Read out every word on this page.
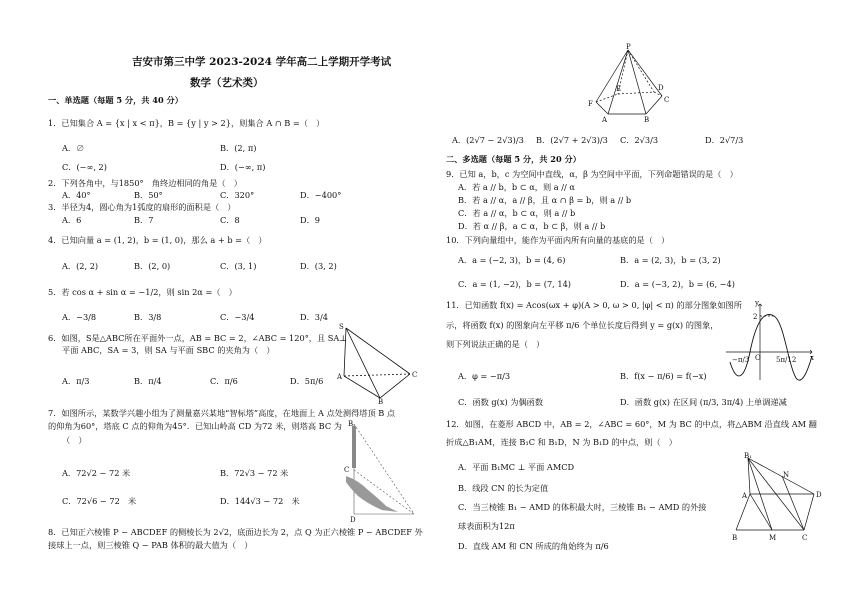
吉安市第三中学 2023-2024 学年高二上学期开学考试
数学（艺术类）
一、单选题（每题 5 分，共 40 分）
1．已知集合 A = {x | x < π}，B = {y | y > 2}，则集合 A ∩ B =（　）
A．∅	B．(2, π)
C．(−∞, 2)	D．(−∞, π)
2．下列各角中，与1850°　角终边相同的角是（　）
A．40°	B．50°	C．320°	D．−400°
3．半径为4，圆心角为1弧度的扇形的面积是（　）
A．6	B．7	C．8	D．9
4．已知向量 a = (1, 2)，b = (1, 0)，那么 a + b =（　）
A．(2, 2)	B．(2, 0)	C．(3, 1)	D．(3, 2)
5．若 cos α + sin α = −1/2，则 sin 2α =（　）
A．−3/8	B．3/8	C．−3/4	D．3/4
6．如图，S是△ABC所在平面外一点，AB = BC = 2，∠ABC = 120°，且 SA⊥
平面 ABC，SA = 3，则 SA 与平面 SBC 的夹角为（　）
A．π/3	B．π/4	C．π/6	D．5π/6
S
A
B
C
7．如图所示，某数学兴趣小组为了测量嘉兴某地“智标塔”高度，在地面上 A 点处测得塔顶 B 点
的仰角为60°，塔底 C 点的仰角为45°．已知山岭高 CD 为72 米，则塔高 BC 为
（　）
A．72√2 − 72 米	B．72√3 − 72 米
C．72√6 − 72　米	D．144√3 − 72　米
B
C
D
8．已知正六棱锥 P − ABCDEF 的侧棱长为 2√2，底面边长为 2，点 Q 为正六棱锥 P − ABCDEF 外
接球上一点，则三棱锥 Q − PAB 体积的最大值为（　）
P
F
A	B
C
D
E
A．(2√7 − 2√3)/3 B．(2√7 + 2√3)/3 C．2√3/3	D．2√7/3
二、多选题（每题 5 分，共 20 分）
9．已知 a，b，c 为空间中直线，α，β 为空间中平面，下列命题错误的是（　）
A．若 a // b，b ⊂ α，则 a // α
B．若 a // α，a // β，且 α ∩ β = b，则 a // b
C．若 a // α，b ⊂ α，则 a // b
D．若 α // β，a ⊂ α，b ⊂ β，则 a // b
10．下列向量组中，能作为平面内所有向量的基底的是（　）
A．a = (−2, 3)，b = (4, 6)	B．a = (2, 3)，b = (3, 2)
C．a = (1, −2)，b = (7, 14)	D．a = (−3, 2)，b = (6, −4)
11．已知函数 f(x) = Acos(ωx + φ)(A > 0, ω > 0, |φ| < π) 的部分图象如图所
示，将函数 f(x) 的图象向左平移 π/6 个单位长度后得到 y = g(x) 的图象，
则下列说法正确的是（　）
A．φ = −π/3	B．f(x − π/6) = f(−x)
C．函数 g(x) 为偶函数	D．函数 g(x) 在区间 (π/3, 3π/4) 上单调递减
y
x
2
O
−π/3	5π/12
12．如图，在菱形 ABCD 中，AB = 2，∠ABC = 60°，M 为 BC 的中点，将△ABM 沿直线 AM 翻
折成△B₁AM，连接 B₁C 和 B₁D，N 为 B₁D 的中点，则（　）
A．平面 B₁MC ⊥ 平面 AMCD
B．线段 CN 的长为定值
C．当三棱锥 B₁ − AMD 的体积最大时，三棱锥 B₁ − AMD 的外接
球表面积为12π
D．直线 AM 和 CN 所成的角始终为 π/6
B₁
N
A	D
B	M	C
